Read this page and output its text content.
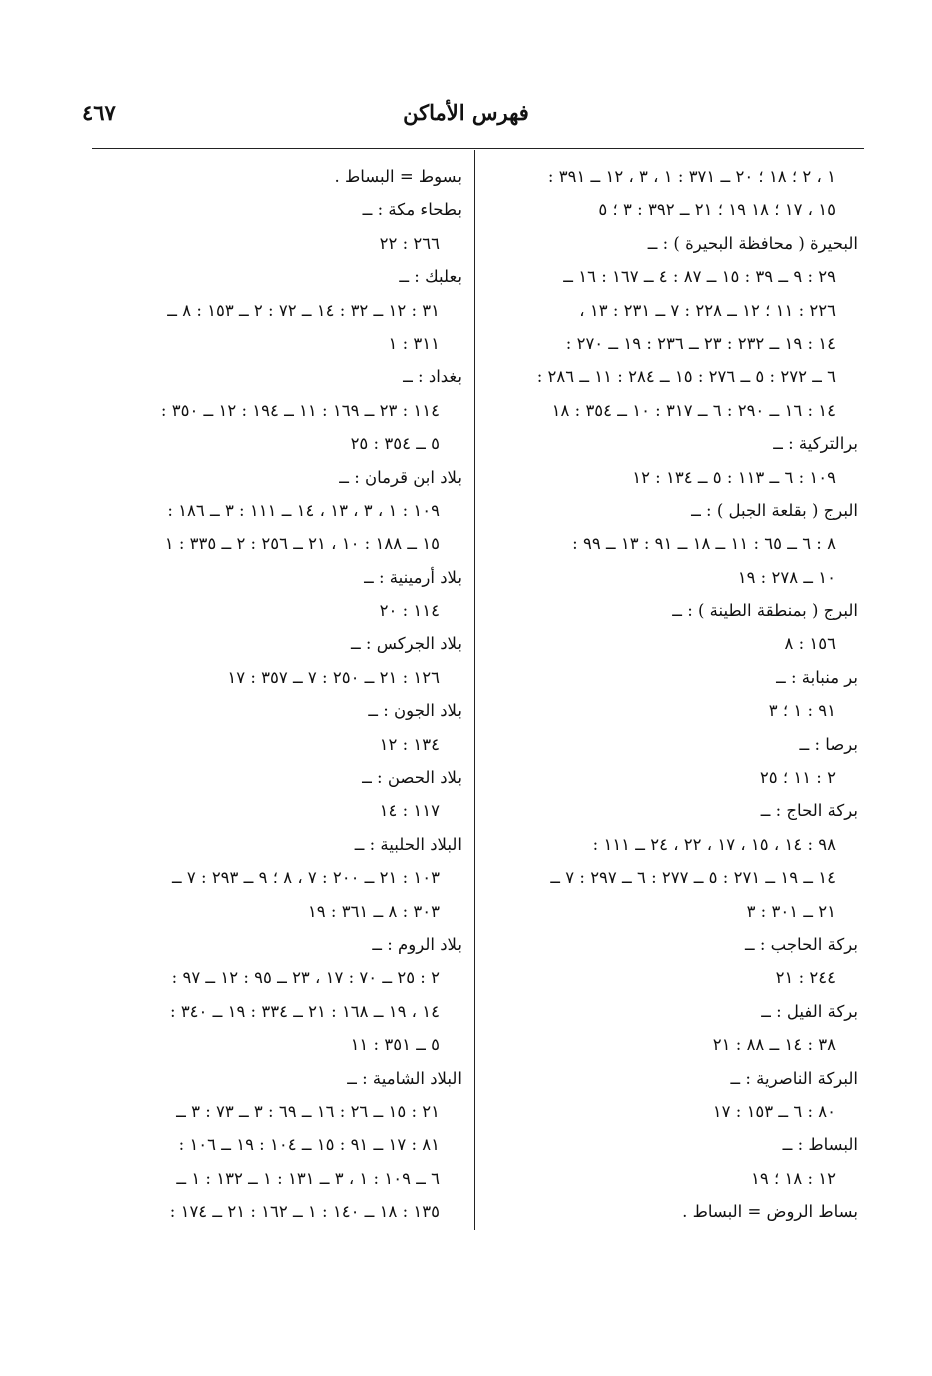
فهرس الأماكن
٤٦٧
١ ، ٢ ؛ ١٨ ؛ ٢٠ ــ ٣٧١ : ١ ، ٣ ، ١٢ ــ ٣٩١ :
١٥ ، ١٧ ؛ ١٨ ١٩ ؛ ٢١ ــ ٣٩٢ : ٣ ؛ ٥
البحيرة ( محافظة البحيرة ) : ــ
٢٩ : ٩ ــ ٣٩ : ١٥ ــ ٨٧ : ٤ ــ ١٦٧ : ١٦ ــ
٢٢٦ : ١١ ؛ ١٢ ــ ٢٢٨ : ٧ ــ ٢٣١ : ١٣ ،
١٤ : ١٩ ــ ٢٣٢ : ٢٣ ــ ٢٣٦ : ١٩ ــ ٢٧٠ :
٦ ــ ٢٧٢ : ٥ ــ ٢٧٦ : ١٥ ــ ٢٨٤ : ١١ ــ ٢٨٦ :
١٤ : ١٦ ــ ٢٩٠ : ٦ ــ ٣١٧ : ١٠ ــ ٣٥٤ : ١٨
برالتركية : ــ
١٠٩ : ٦ ــ ١١٣ : ٥ ــ ١٣٤ : ١٢
البرج ( بقلعة الجبل ) : ــ
٨ : ٦ ــ ٦٥ : ١١ ــ ١٨ ــ ٩١ : ١٣ ــ ٩٩ :
١٠ ــ ٢٧٨ : ١٩
البرج ( بمنطقة الطينة ) : ــ
١٥٦ : ٨
بر منبابة : ــ
٩١ : ١ ؛ ٣
برصا : ــ
٢ : ١١ ؛ ٢٥
بركة الحاج : ــ
٩٨ : ١٤ ، ١٥ ، ١٧ ، ٢٢ ، ٢٤ ــ ١١١ :
١٤ ــ ١٩ ــ ٢٧١ : ٥ ــ ٢٧٧ : ٦ ــ ٢٩٧ : ٧ ــ
٢١ ــ ٣٠١ : ٣
بركة الحاجب : ــ
٢٤٤ : ٢١
بركة الفيل : ــ
٣٨ : ١٤ ــ ٨٨ : ٢١
البركة الناصرية : ــ
٨٠ : ٦ ــ ١٥٣ : ١٧
البساط : ــ
١٢ : ١٨ ؛ ١٩
بساط الروض = البساط .
بسوط = البساط .
بطحاء مكة : ــ
٢٦٦ : ٢٢
بعلبك : ــ
٣١ : ١٢ ــ ٣٢ : ١٤ ــ ٧٢ : ٢ ــ ١٥٣ : ٨ ــ
٣١١ : ١
بغداد : ــ
١١٤ : ٢٣ ــ ١٦٩ : ١١ ــ ١٩٤ : ١٢ ــ ٣٥٠ :
٥ ــ ٣٥٤ : ٢٥
بلاد ابن قرمان : ــ
١٠٩ : ١ ، ٣ ، ١٣ ، ١٤ ــ ١١١ : ٣ ــ ١٨٦ :
١٥ ــ ١٨٨ : ١٠ ، ٢١ ــ ٢٥٦ : ٢ ــ ٣٣٥ : ١
بلاد أرمينية : ــ
١١٤ : ٢٠
بلاد الجركس : ــ
١٢٦ : ٢١ ــ ٢٥٠ : ٧ ــ ٣٥٧ : ١٧
بلاد الجون : ــ
١٣٤ : ١٢
بلاد الحصن : ــ
١١٧ : ١٤
البلاد الحلبية : ــ
١٠٣ : ٢١ ــ ٢٠٠ : ٧ ، ٨ ؛ ٩ ــ ٢٩٣ : ٧ ــ
٣٠٣ : ٨ ــ ٣٦١ : ١٩
بلاد الروم : ــ
٢ : ٢٥ ــ ٧٠ : ١٧ ، ٢٣ ــ ٩٥ : ١٢ ــ ٩٧ :
١٤ ، ١٩ ــ ١٦٨ : ٢١ ــ ٣٣٤ : ١٩ ــ ٣٤٠ :
٥ ــ ٣٥١ : ١١
البلاد الشامية : ــ
٢١ : ١٥ ــ ٢٦ : ١٦ ــ ٦٩ : ٣ ــ ٧٣ : ٣ ــ
٨١ : ١٧ ــ ٩١ : ١٥ ــ ١٠٤ : ١٩ ــ ١٠٦ :
٦ ــ ١٠٩ : ١ ، ٣ ــ ١٣١ : ١ ــ ١٣٢ : ١ ــ
١٣٥ : ١٨ ــ ١٤٠ : ١ ــ ١٦٢ : ٢١ ــ ١٧٤ :
